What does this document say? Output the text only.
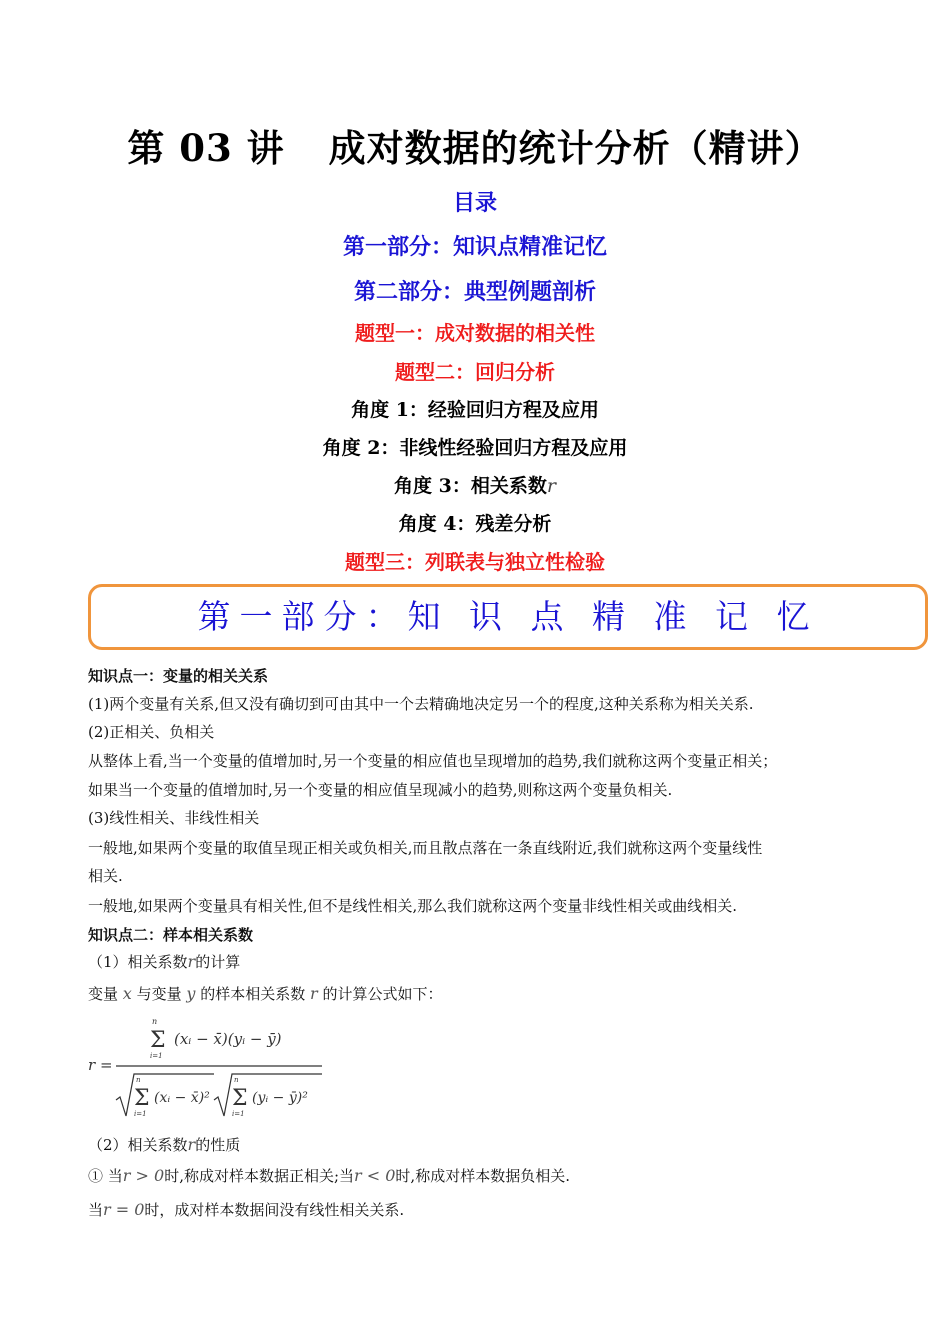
第 03 讲 成对数据的统计分析（精讲）
目录
第一部分：知识点精准记忆
第二部分：典型例题剖析
题型一：成对数据的相关性
题型二：回归分析
角度 1：经验回归方程及应用
角度 2：非线性经验回归方程及应用
角度 3：相关系数r
角度 4：残差分析
题型三：列联表与独立性检验
第一部分：知 识 点 精 准 记 忆
知识点一：变量的相关关系
(1)两个变量有关系,但又没有确切到可由其中一个去精确地决定另一个的程度,这种关系称为相关关系.
(2)正相关、负相关
从整体上看,当一个变量的值增加时,另一个变量的相应值也呈现增加的趋势,我们就称这两个变量正相关；
如果当一个变量的值增加时,另一个变量的相应值呈现减小的趋势,则称这两个变量负相关.
(3)线性相关、非线性相关
一般地,如果两个变量的取值呈现正相关或负相关,而且散点落在一条直线附近,我们就称这两个变量线性
相关.
一般地,如果两个变量具有相关性,但不是线性相关,那么我们就称这两个变量非线性相关或曲线相关.
知识点二：样本相关系数
（1）相关系数r的计算
变量 x 与变量 y 的样本相关系数 r 的计算公式如下：
r =
n
Σ
i=1
(xᵢ − x̄)(yᵢ − ȳ)
n
Σ
i=1
(xᵢ − x̄)²
n
Σ
i=1
(yᵢ − ȳ)²
（2）相关系数r的性质
① 当r > 0时,称成对样本数据正相关;当r < 0时,称成对样本数据负相关.
当r = 0时，成对样本数据间没有线性相关关系.
